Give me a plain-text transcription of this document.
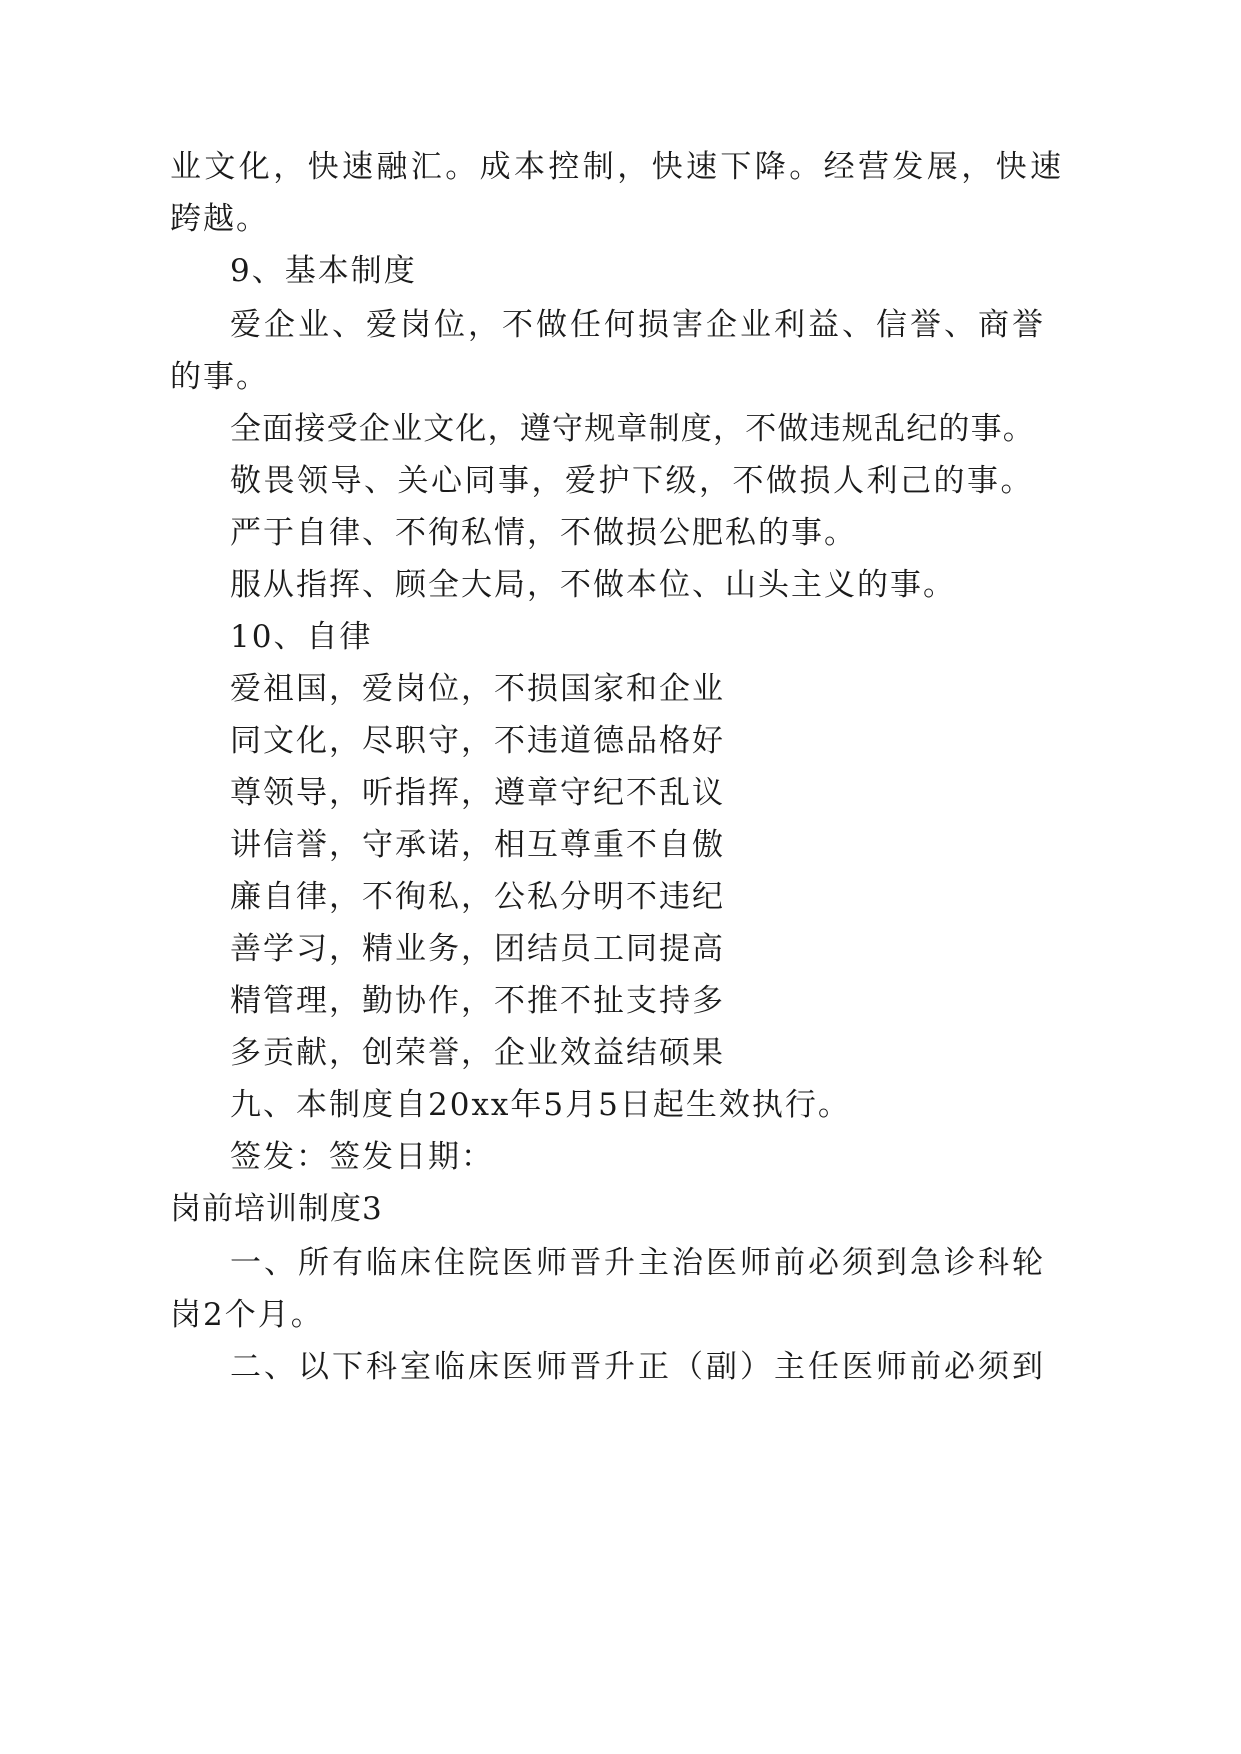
业文化，快速融汇。成本控制，快速下降。经营发展，快速
跨越。
9、基本制度
爱企业、爱岗位，不做任何损害企业利益、信誉、商誉
的事。
全面接受企业文化，遵守规章制度，不做违规乱纪的事。
敬畏领导、关心同事，爱护下级，不做损人利己的事。
严于自律、不徇私情，不做损公肥私的事。
服从指挥、顾全大局，不做本位、山头主义的事。
10、自律
爱祖国，爱岗位，不损国家和企业
同文化，尽职守，不违道德品格好
尊领导，听指挥，遵章守纪不乱议
讲信誉，守承诺，相互尊重不自傲
廉自律，不徇私，公私分明不违纪
善学习，精业务，团结员工同提高
精管理，勤协作，不推不扯支持多
多贡献，创荣誉，企业效益结硕果
九、本制度自20xx年5月5日起生效执行。
签发：签发日期：
岗前培训制度3
一、所有临床住院医师晋升主治医师前必须到急诊科轮
岗2个月。
二、以下科室临床医师晋升正（副）主任医师前必须到
